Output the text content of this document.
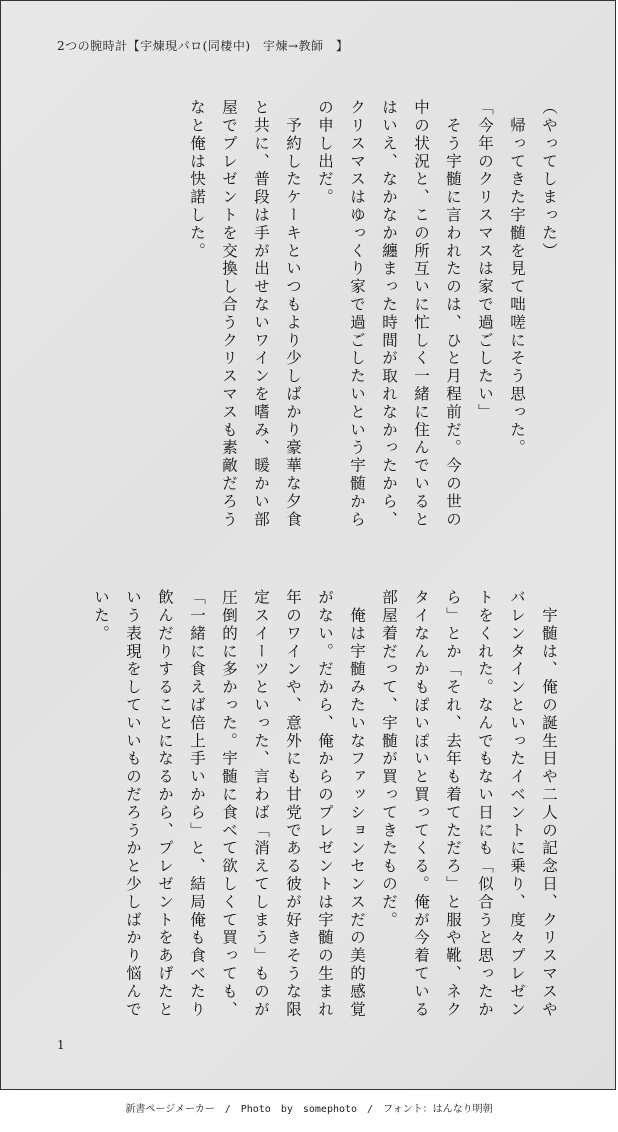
2つの腕時計【宇煉現パロ(同棲中)　宇煉→教師　】

（やってしまった）

　帰ってきた宇髄を見て咄嗟にそう思った。

「今年のクリスマスは家で過ごしたい」

　そう宇髄に言われたのは、ひと月程前だ。今の世の中の状況と、この所互いに忙しく一緒に住んでいるとはいえ、なかなか纏まった時間が取れなかったから、クリスマスはゆっくり家で過ごしたいという宇髄からの申し出だ。

　予約したケーキといつもより少しばかり豪華な夕食と共に、普段は手が出せないワインを嗜み、暖かい部屋でプレゼントを交換し合うクリスマスも素敵だろうなと俺は快諾した。

　宇髄は、俺の誕生日や二人の記念日、クリスマスやバレンタインといったイベントに乗り、度々プレゼントをくれた。なんでもない日にも「似合うと思ったから」とか「それ、去年も着てただろ」と服や靴、ネクタイなんかもぽいぽいと買ってくる。俺が今着ている部屋着だって、宇髄が買ってきたものだ。

　俺は宇髄みたいなファッションセンスだの美的感覚がない。だから、俺からのプレゼントは宇髄の生まれ年のワインや、意外にも甘党である彼が好きそうな限定スイーツといった、言わば「消えてしまう」ものが圧倒的に多かった。宇髄に食べて欲しくて買っても、「一緒に食えば倍上手いから」と、結局俺も食べたり飲んだりすることになるから、プレゼントをあげたという表現をしていいものだろうかと少しばかり悩んでいた。

1
新書ページメーカー　/　Photo　by　somephoto　/　フォント：はんなり明朝
